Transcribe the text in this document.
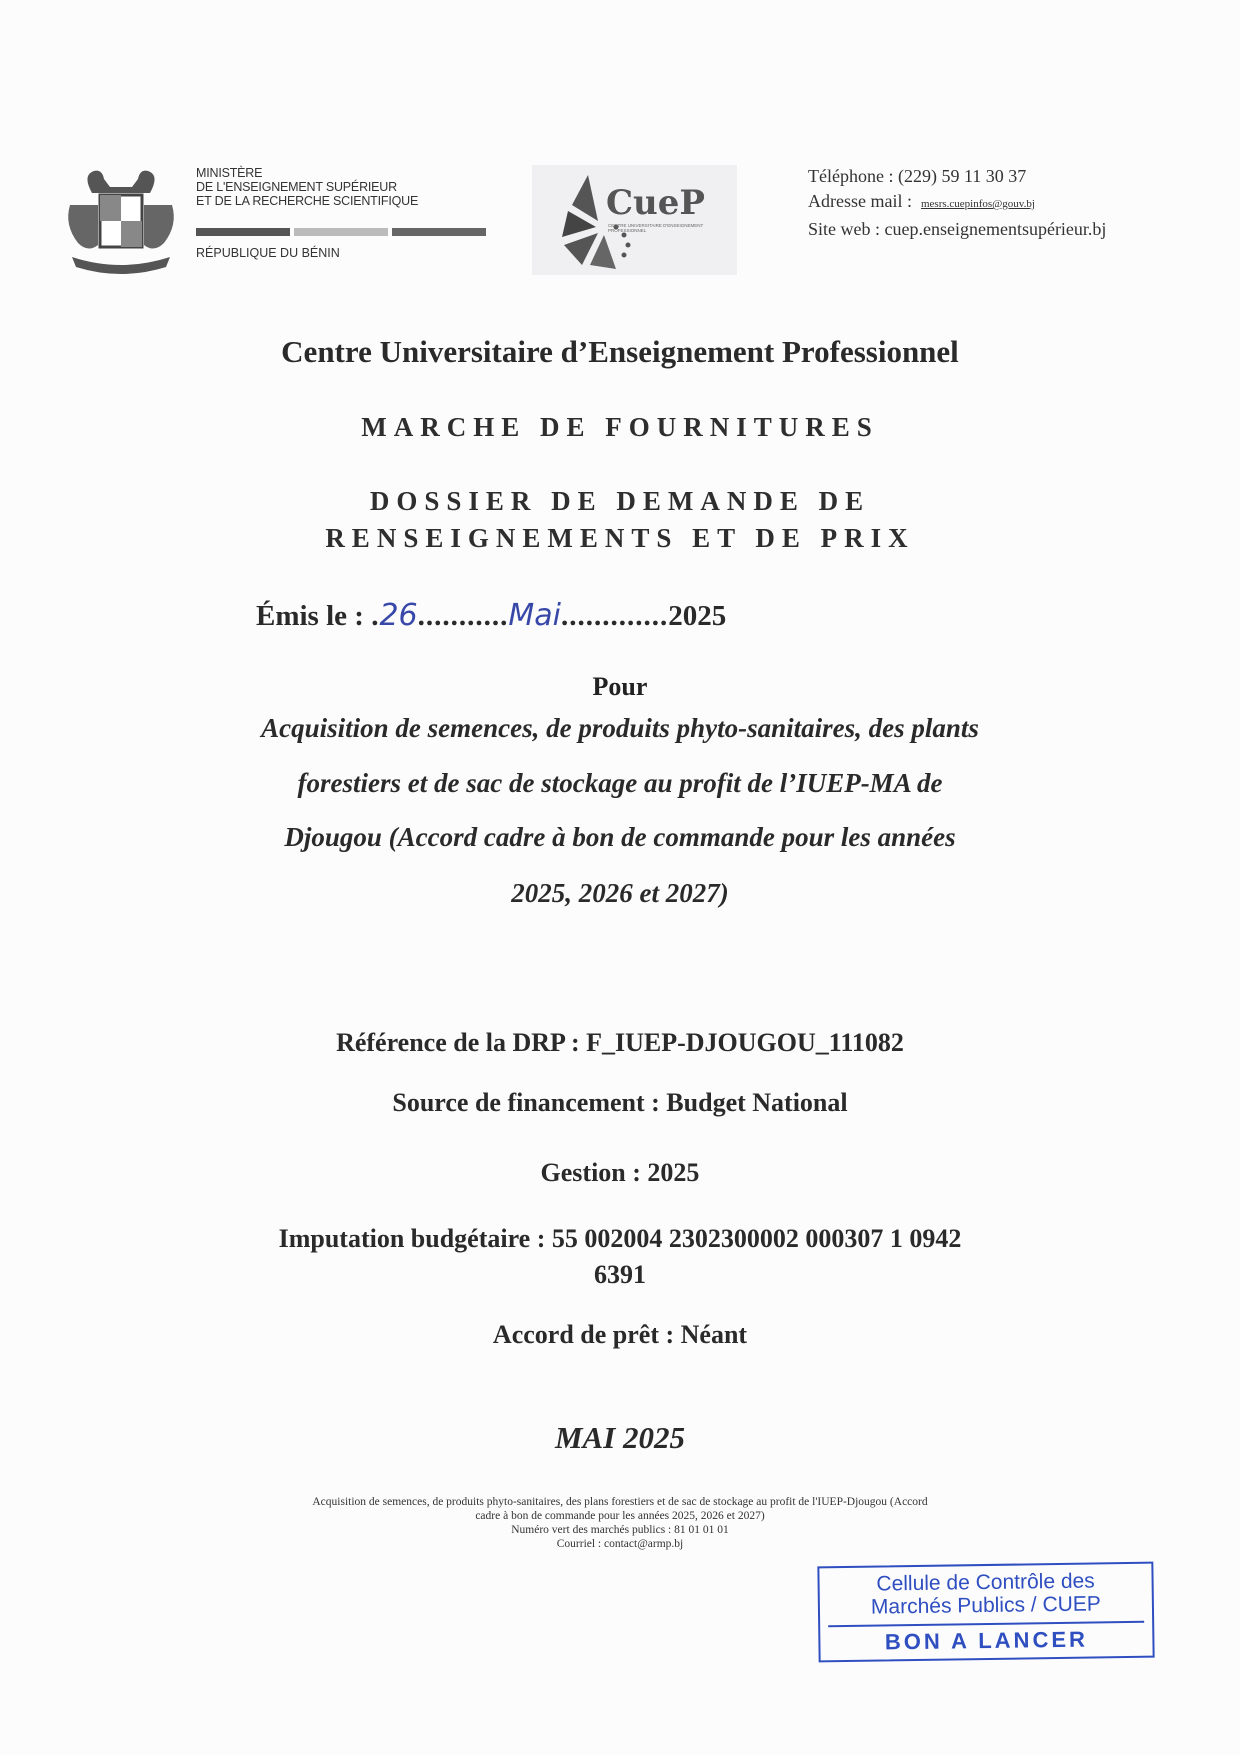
MINISTÈRE
DE L'ENSEIGNEMENT SUPÉRIEUR
ET DE LA RECHERCHE SCIENTIFIQUE
RÉPUBLIQUE DU BÉNIN
CueP
CENTRE UNIVERSITAIRE D'ENSEIGNEMENT PROFESSIONNEL
Téléphone : (229) 59 11 30 37
Adresse mail : mesrs.cuepinfos@gouv.bj
Site web : cuep.enseignementsupérieur.bj
Centre Universitaire d’Enseignement Professionnel
MARCHE DE FOURNITURES
DOSSIER DE DEMANDE DE
RENSEIGNEMENTS ET DE PRIX
Émis le : .26...........Mai.............2025
Pour
Acquisition de semences, de produits phyto-sanitaires, des plants
forestiers et de sac de stockage au profit de l’IUEP-MA de
Djougou (Accord cadre à bon de commande pour les années
2025, 2026 et 2027)
Référence de la DRP : F_IUEP-DJOUGOU_111082
Source de financement : Budget National
Gestion : 2025
Imputation budgétaire : 55 002004 2302300002 000307 1 0942
6391
Accord de prêt : Néant
MAI 2025
Acquisition de semences, de produits phyto-sanitaires, des plans forestiers et de sac de stockage au profit de l'IUEP-Djougou (Accord
cadre à bon de commande pour les années 2025, 2026 et 2027)
Numéro vert des marchés publics : 81 01 01 01
Courriel : contact@armp.bj
Cellule de Contrôle des
Marchés Publics / CUEP
BON A LANCER
